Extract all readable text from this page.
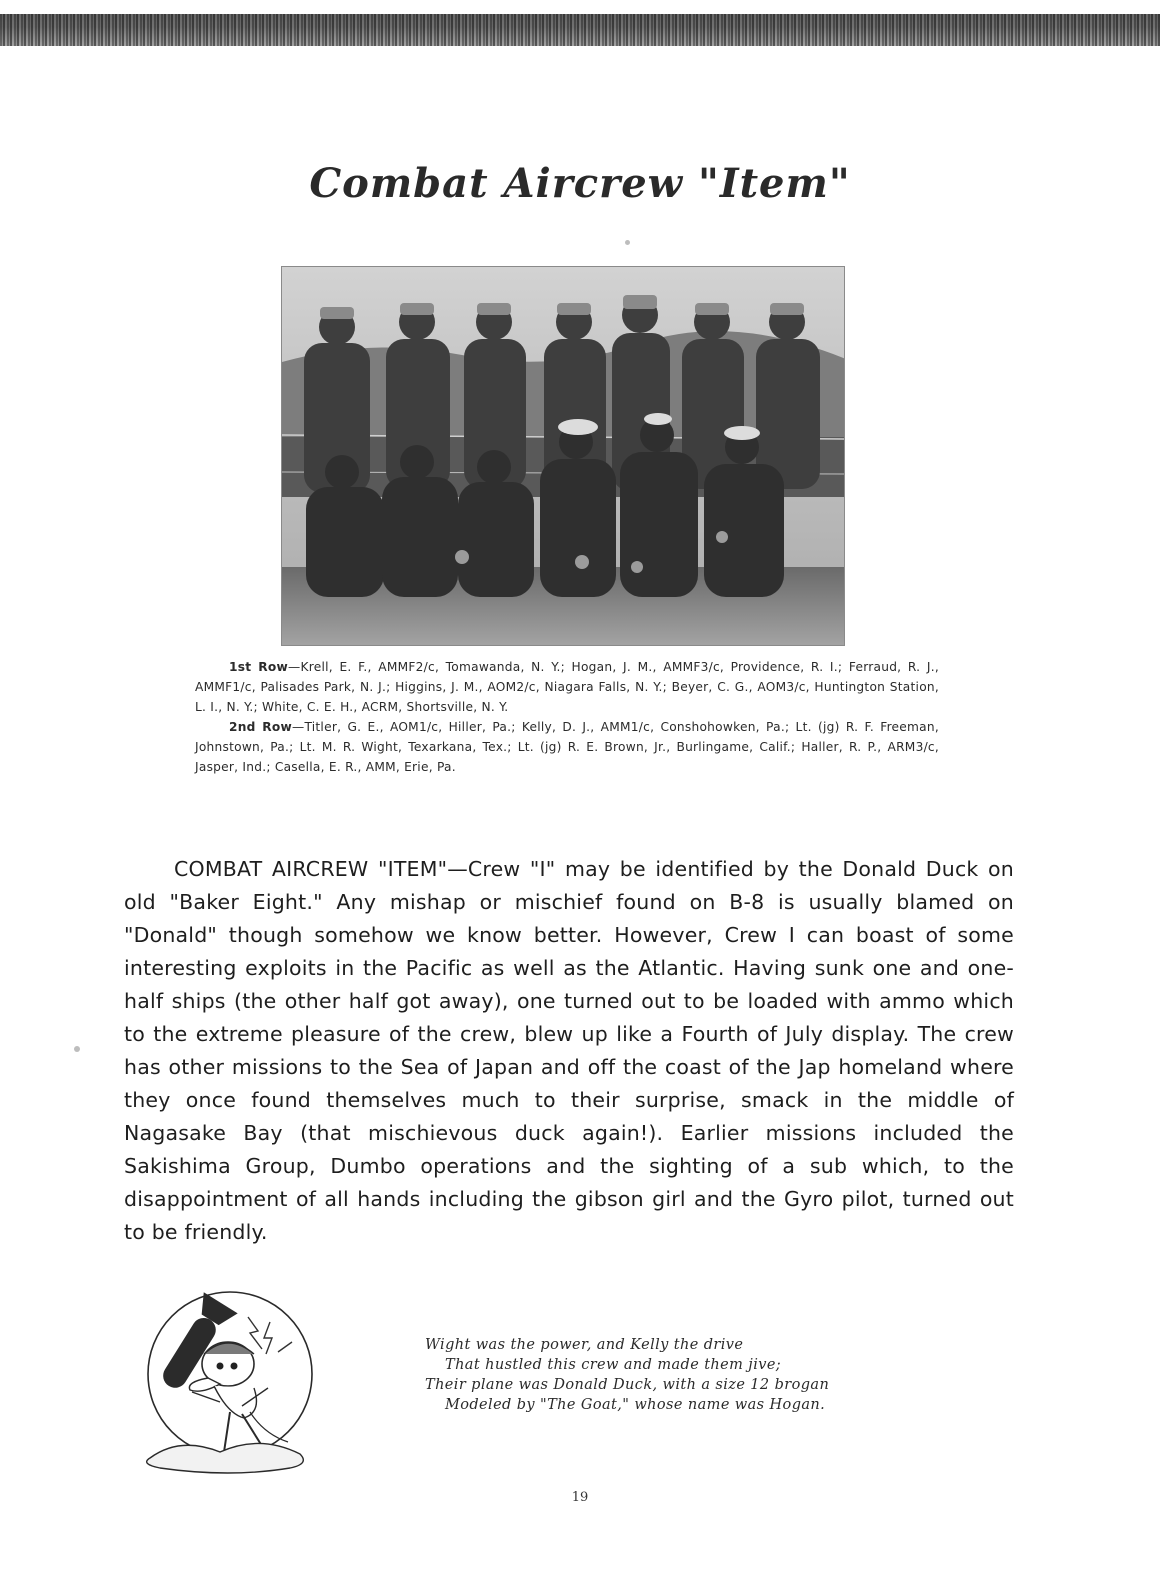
Combat Aircrew "Item"

1st Row—Krell, E. F., AMMF2/c, Tomawanda, N. Y.; Hogan, J. M., AMMF3/c, Providence, R. I.; Ferraud, R. J., AMMF1/c, Palisades Park, N. J.; Higgins, J. M., AOM2/c, Niagara Falls, N. Y.; Beyer, C. G., AOM3/c, Huntington Station, L. I., N. Y.; White, C. E. H., ACRM, Shortsville, N. Y.

2nd Row—Titler, G. E., AOM1/c, Hiller, Pa.; Kelly, D. J., AMM1/c, Conshohowken, Pa.; Lt. (jg) R. F. Freeman, Johnstown, Pa.; Lt. M. R. Wight, Texarkana, Tex.; Lt. (jg) R. E. Brown, Jr., Burlingame, Calif.; Haller, R. P., ARM3/c, Jasper, Ind.; Casella, E. R., AMM, Erie, Pa.

COMBAT AIRCREW "ITEM"—Crew "I" may be identified by the Donald Duck on old "Baker Eight." Any mishap or mischief found on B-8 is usually blamed on "Donald" though somehow we know better. However, Crew I can boast of some interesting exploits in the Pacific as well as the Atlantic. Having sunk one and one-half ships (the other half got away), one turned out to be loaded with ammo which to the extreme pleasure of the crew, blew up like a Fourth of July display. The crew has other missions to the Sea of Japan and off the coast of the Jap homeland where they once found themselves much to their surprise, smack in the middle of Nagasake Bay (that mischievous duck again!). Earlier missions included the Sakishima Group, Dumbo operations and the sighting of a sub which, to the disappointment of all hands including the gibson girl and the Gyro pilot, turned out to be friendly.
Wight was the power, and Kelly the drive
That hustled this crew and made them jive;
Their plane was Donald Duck, with a size 12 brogan
Modeled by "The Goat," whose name was Hogan.
19
